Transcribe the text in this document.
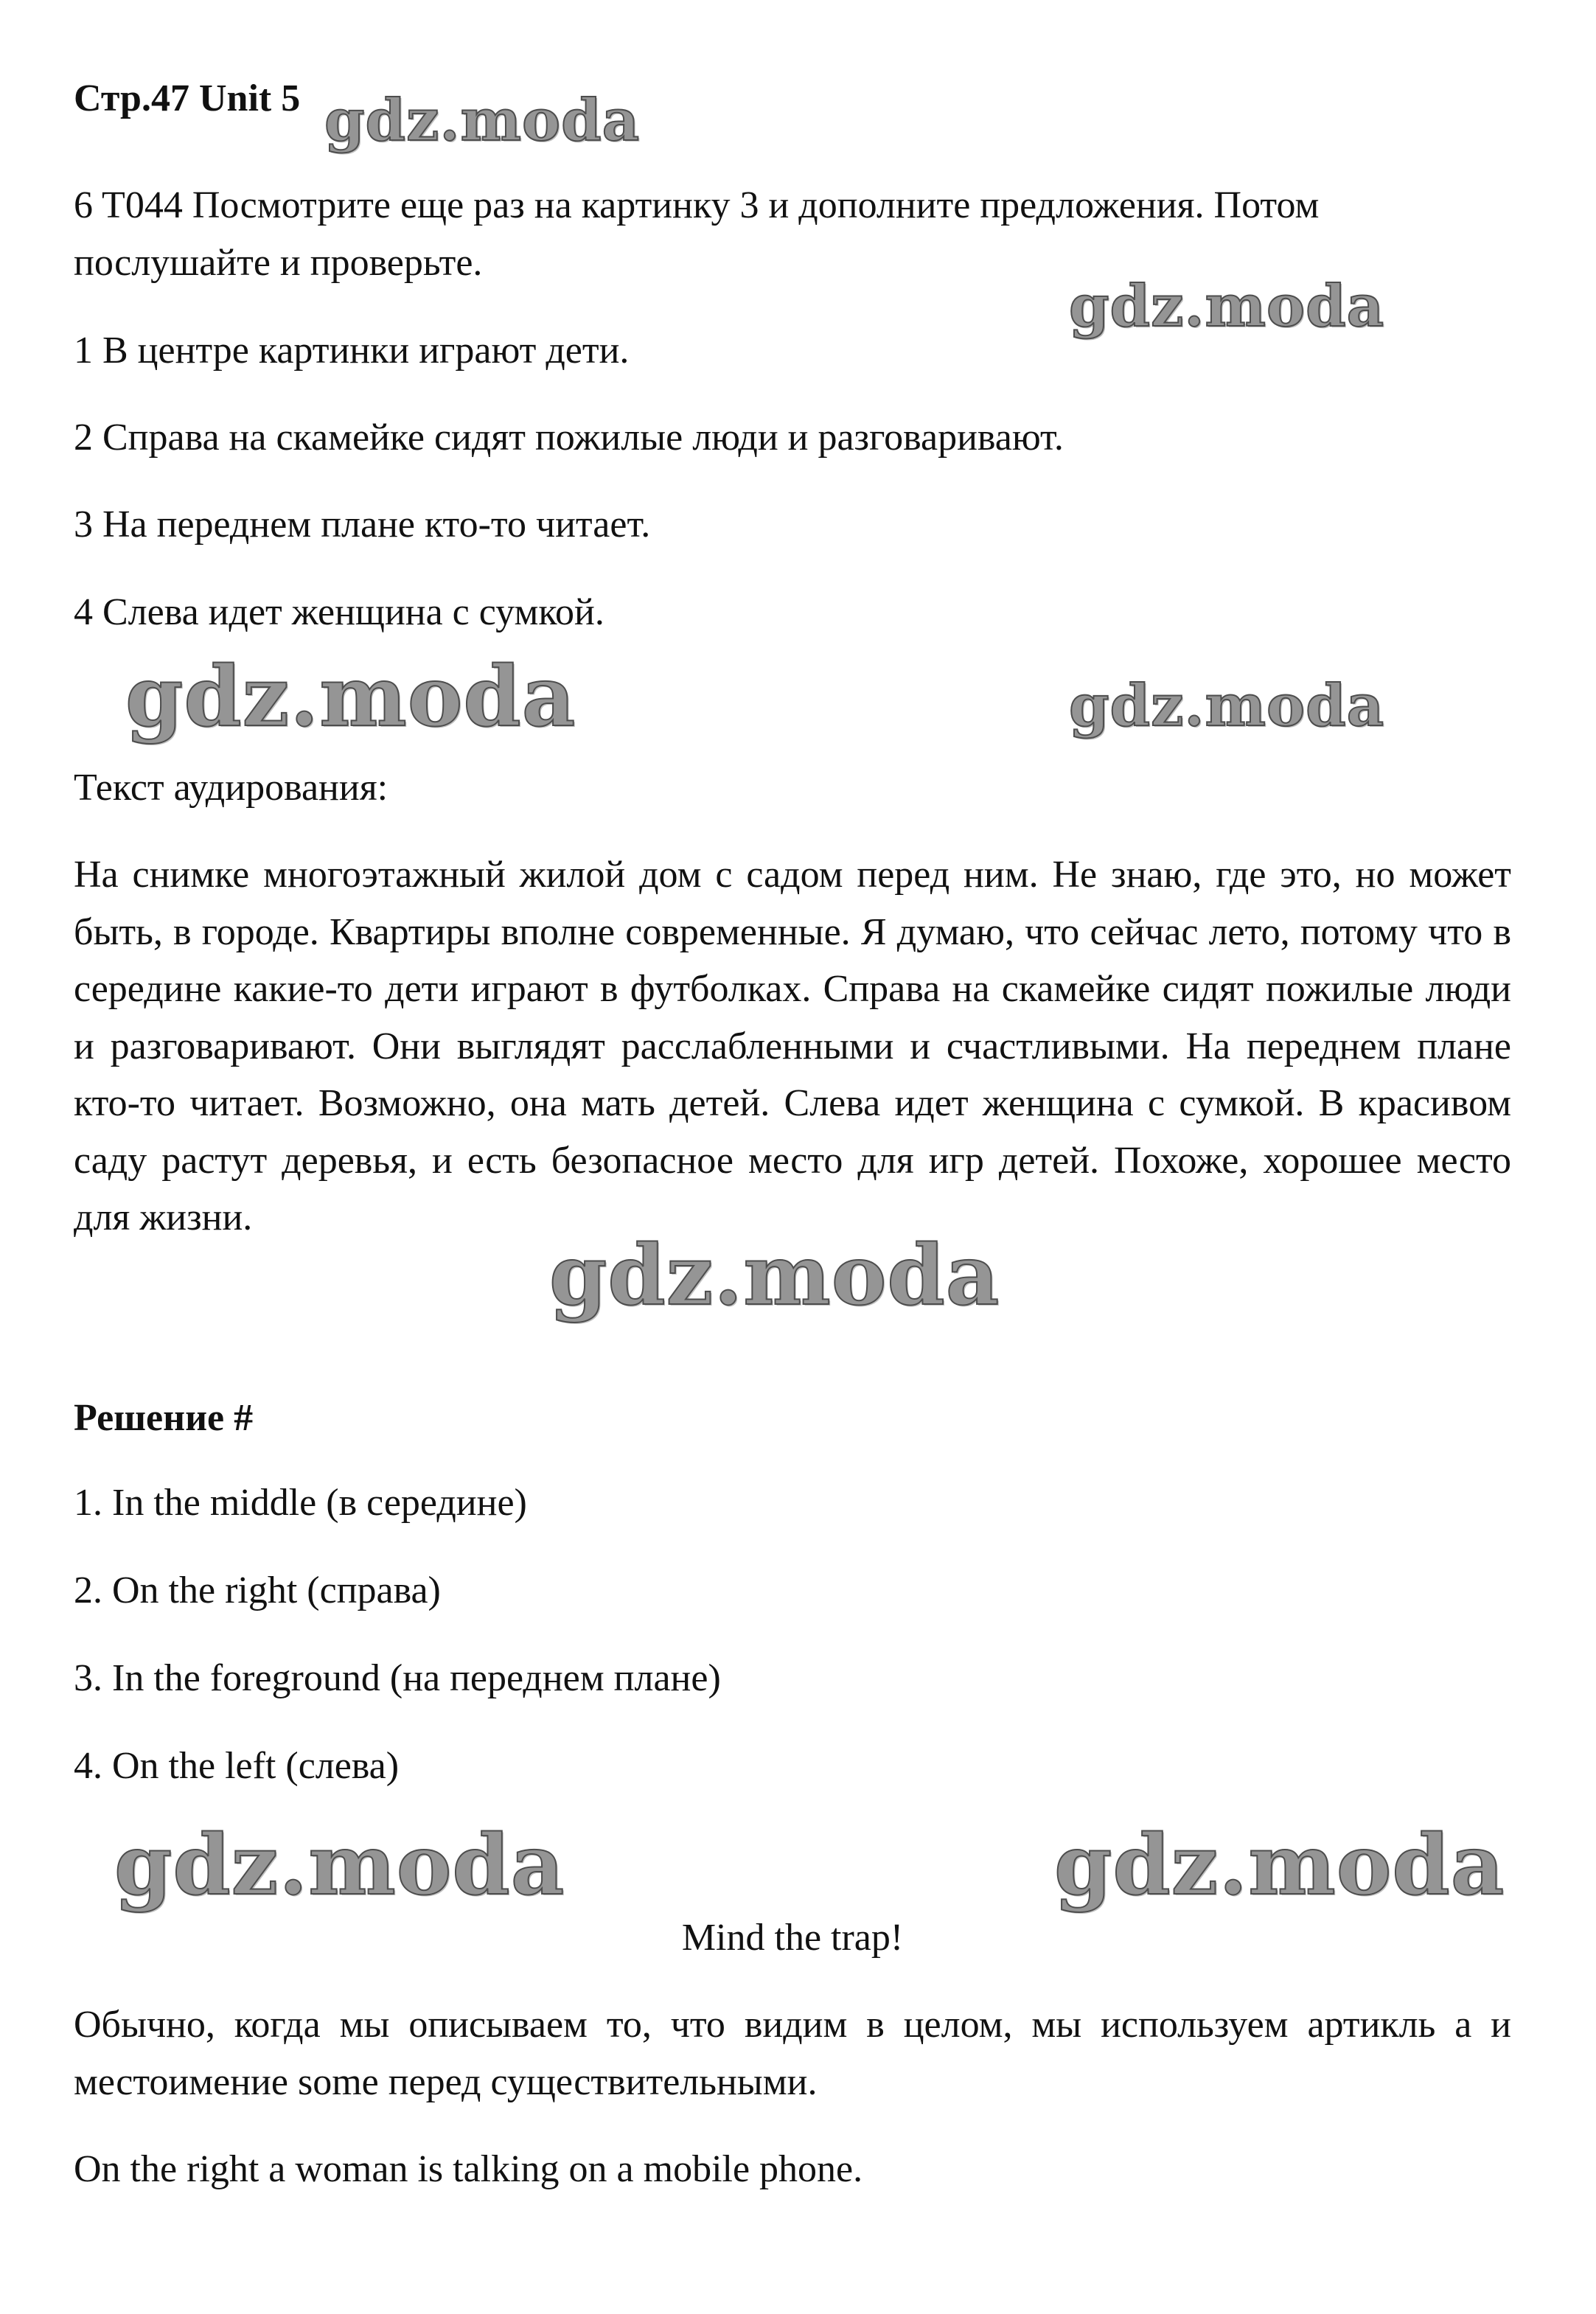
Стр.47 Unit 5
6 T044 Посмотрите еще раз на картинку 3 и дополните предложения. Потом
послушайте и проверьте.
1 В центре картинки играют дети.
2 Справа на скамейке сидят пожилые люди и разговаривают.
3 На переднем плане кто-то читает.
4 Слева идет женщина с сумкой.
Текст аудирования:
На снимке многоэтажный жилой дом с садом перед ним. Не знаю, где это, но может быть, в городе. Квартиры вполне современные. Я думаю, что сейчас лето, потому что в середине какие-то дети играют в футболках. Справа на скамейке сидят пожилые люди и разговаривают. Они выглядят расслабленными и счастливыми. На переднем плане кто-то читает. Возможно, она мать детей. Слева идет женщина с сумкой. В красивом саду растут деревья, и есть безопасное место для игр детей. Похоже, хорошее место для жизни.
Решение #
1. In the middle (в середине)
2. On the right (справа)
3. In the foreground (на переднем плане)
4. On the left (слева)
Mind the trap!
Обычно, когда мы описываем то, что видим в целом, мы используем артикль а и местоимение some перед существительными.
On the right a woman is talking on a mobile phone.
gdz.moda
gdz.moda
gdz.moda	gdz.moda
gdz.moda
gdz.moda	gdz.moda
